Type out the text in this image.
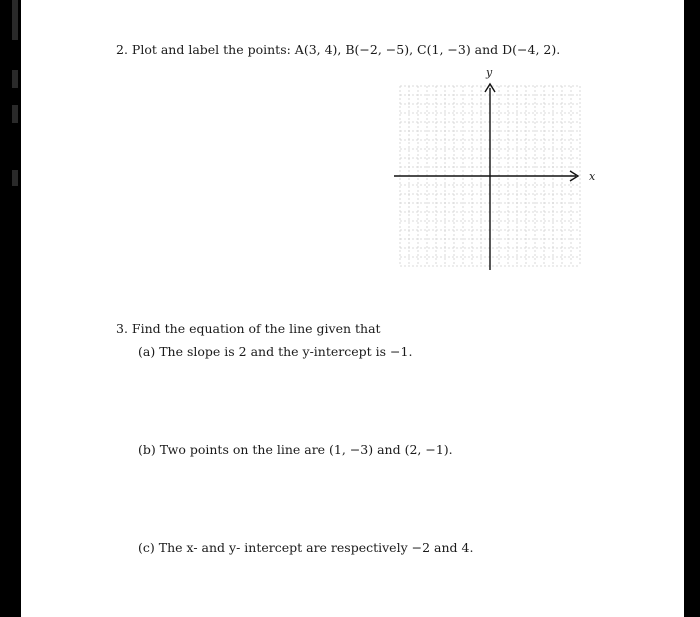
2. Plot and label the points: A(3, 4), B(−2, −5), C(1, −3) and D(−4, 2).
x
y
3. Find the equation of the line given that
(a) The slope is 2 and the y-intercept is −1.
(b) Two points on the line are (1, −3) and (2, −1).
(c) The x- and y- intercept are respectively −2 and 4.
